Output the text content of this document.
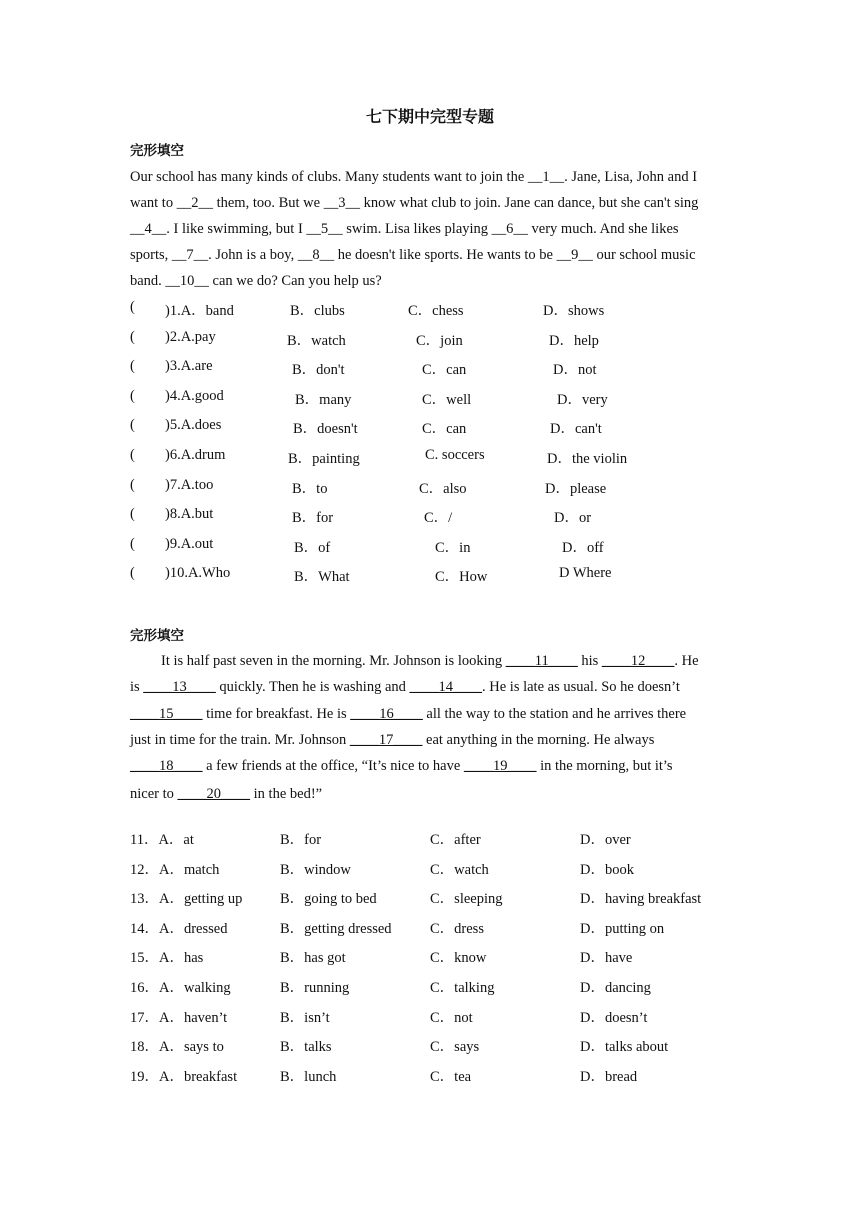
七下期中完型专题
完形填空
Our school has many kinds of clubs. Many students want to join the __1__. Jane, Lisa, John and I
want to __2__ them, too. But we __3__ know what club to join. Jane can dance, but she can't sing
__4__. I like swimming, but I __5__ swim. Lisa likes playing __6__ very much. And she likes
sports, __7__. John is a boy, __8__ he doesn't like sports. He wants to be __9__ our school music
band. __10__ can we do? Can you help us?
( )1.A．band	B．clubs	C．chess	D．shows
( )2.A.pay	B．watch	C．join	D．help
( )3.A.are	B．don't	C．can	D．not
( )4.A.good	B．many	C．well	D．very
( )5.A.does	B．doesn't	C．can	D．can't
( )6.A.drum	B．painting	C. soccers	D．the violin
( )7.A.too	B．to	C．also	D．please
( )8.A.but	B．for	C．/	D．or
( )9.A.out	B．of	C．in	D．off
( )10.A.Who	B．What	C．How	D Where
完形填空
It is half past seven in the morning. Mr. Johnson is looking ____11____ his ____12____. He
is ____13____ quickly. Then he is washing and ____14____. He is late as usual. So he doesn’t
____15____ time for breakfast. He is ____16____ all the way to the station and he arrives there
just in time for the train. Mr. Johnson ____17____ eat anything in the morning. He always
____18____ a few friends at the office, “It’s nice to have ____19____ in the morning, but it’s
nicer to ____20____ in the bed!”
11．A．at	B．for	C．after	D．over
12．A．match	B．window	C．watch	D．book
13．A．getting up	B．going to bed	C．sleeping	D．having breakfast
14．A．dressed	B．getting dressed	C．dress	D．putting on
15．A．has	B．has got	C．know	D．have
16．A．walking	B．running	C．talking	D．dancing
17．A．haven’t	B．isn’t	C．not	D．doesn’t
18．A．says to	B．talks	C．says	D．talks about
19．A．breakfast	B．lunch	C．tea	D．bread
